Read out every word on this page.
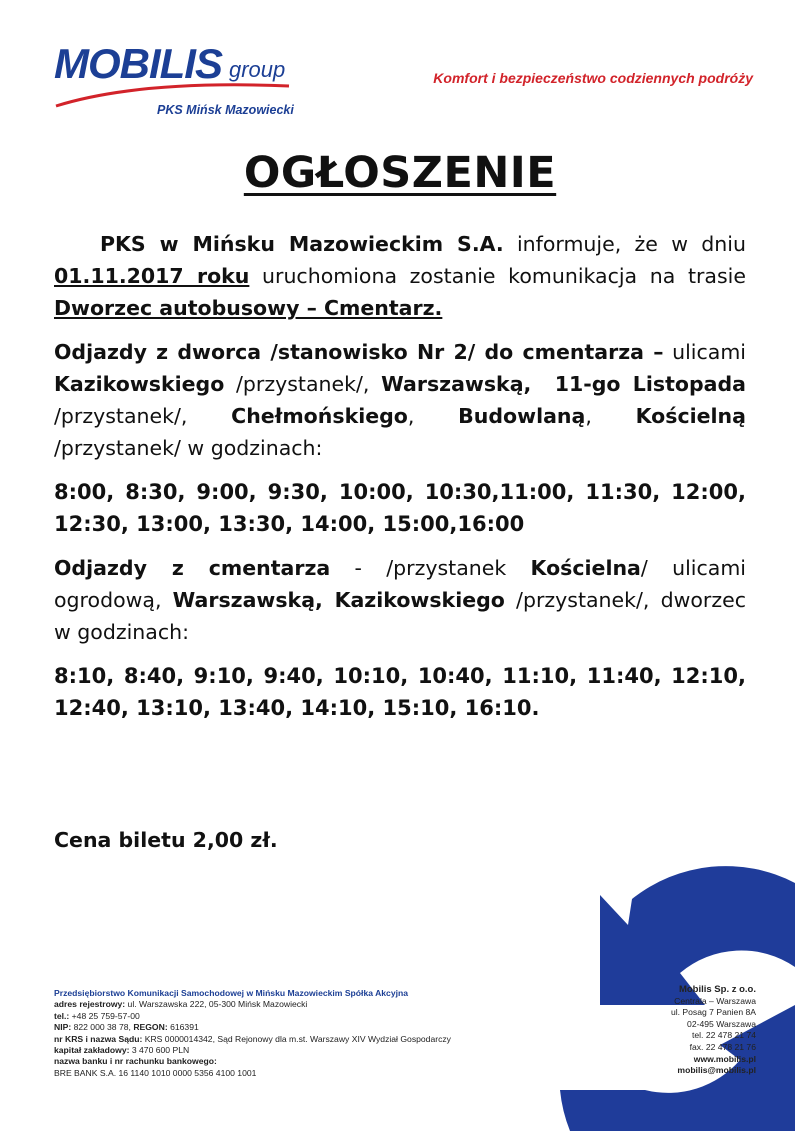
MOBILIS group
PKS Mińsk Mazowiecki
Komfort i bezpieczeństwo codziennych podróży
OGŁOSZENIE

PKS w Mińsku Mazowieckim S.A. informuje, że w dniu 01.11.2017 roku uruchomiona zostanie komunikacja na trasie Dworzec autobusowy – Cmentarz.

Odjazdy z dworca /stanowisko Nr 2/ do cmentarza – ulicami Kazikowskiego /przystanek/, Warszawską, 11-go Listopada /przystanek/, Chełmońskiego, Budowlaną, Kościelną /przystanek/ w godzinach:

8:00, 8:30, 9:00, 9:30, 10:00, 10:30,11:00, 11:30, 12:00, 12:30, 13:00, 13:30, 14:00, 15:00,16:00

Odjazdy z cmentarza - /przystanek Kościelna/ ulicami ogrodową, Warszawską, Kazikowskiego /przystanek/, dworzec w godzinach:

8:10, 8:40, 9:10, 9:40, 10:10, 10:40, 11:10, 11:40, 12:10, 12:40, 13:10, 13:40, 14:10, 15:10, 16:10.

Cena biletu 2,00 zł.
Przedsiębiorstwo Komunikacji Samochodowej w Mińsku Mazowieckim Spółka Akcyjna
adres rejestrowy: ul. Warszawska 222, 05-300 Mińsk Mazowiecki
tel.: +48 25 759-57-00
NIP: 822 000 38 78, REGON: 616391
nr KRS i nazwa Sądu: KRS 0000014342, Sąd Rejonowy dla m.st. Warszawy XIV Wydział Gospodarczy
kapitał zakładowy: 3 470 600 PLN
nazwa banku i nr rachunku bankowego:
BRE BANK S.A. 16 1140 1010 0000 5356 4100 1001
Mobilis Sp. z o.o.
Centrala – Warszawa
ul. Posag 7 Panien 8A
02-495 Warszawa
tel. 22 478 21 74
fax. 22 478 21 76
www.mobilis.pl
mobilis@mobilis.pl
